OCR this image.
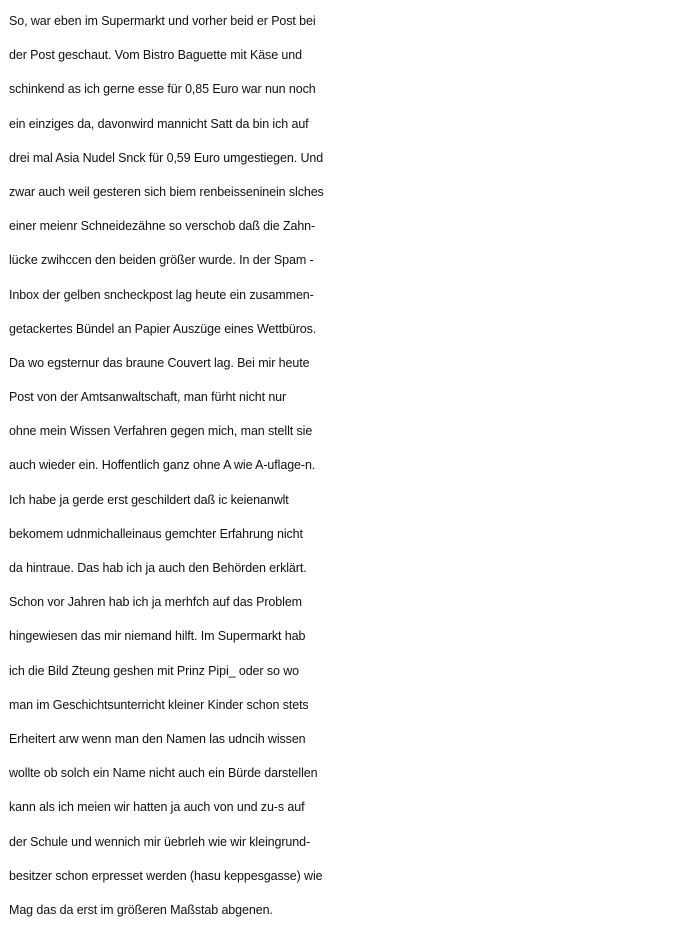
So, war eben im Supermarkt und vorher beid er Post bei
der Post geschaut. Vom Bistro Baguette mit Käse und
schinkend as ich gerne esse für 0,85 Euro war nun noch
ein einziges da, davonwird mannicht Satt da bin ich auf
drei mal Asia Nudel Snck für 0,59 Euro umgestiegen. Und
zwar auch weil gesteren sich biem renbeisseninein slches
einer meienr Schneidezähne so verschob daß die Zahn-
lücke zwihccen den beiden größer wurde. In der Spam -
Inbox der gelben sncheckpost lag heute ein zusammen-
getackertes Bündel an Papier Auszüge eines Wettbüros.
Da wo egsternur das braune Couvert lag. Bei mir heute
Post von der Amtsanwaltschaft, man fürht nicht nur
ohne mein Wissen Verfahren gegen mich, man stellt sie
auch wieder ein. Hoffentlich ganz ohne A wie A-uflage-n.
Ich habe ja gerde erst geschildert daß ic keienanwlt
bekomem udnmichalleinaus gemchter Erfahrung nicht
da hintraue. Das hab ich ja auch den Behörden erklärt.
Schon vor Jahren hab ich ja merhfch auf das Problem
hingewiesen das mir niemand hilft. Im Supermarkt hab
ich die Bild Zteung geshen mit Prinz Pipi_ oder so wo
man im Geschichtsunterricht kleiner Kinder schon stets
Erheitert arw wenn man den Namen las udncih wissen
wollte ob solch ein Name nicht auch ein Bürde darstellen
kann als ich meien wir hatten ja auch von und zu-s auf
der Schule und wennich mir üebrleh wie wir kleingrund-
besitzer schon erpresset werden (hasu keppesgasse) wie
Mag das da erst im größeren Maßstab abgenen.
